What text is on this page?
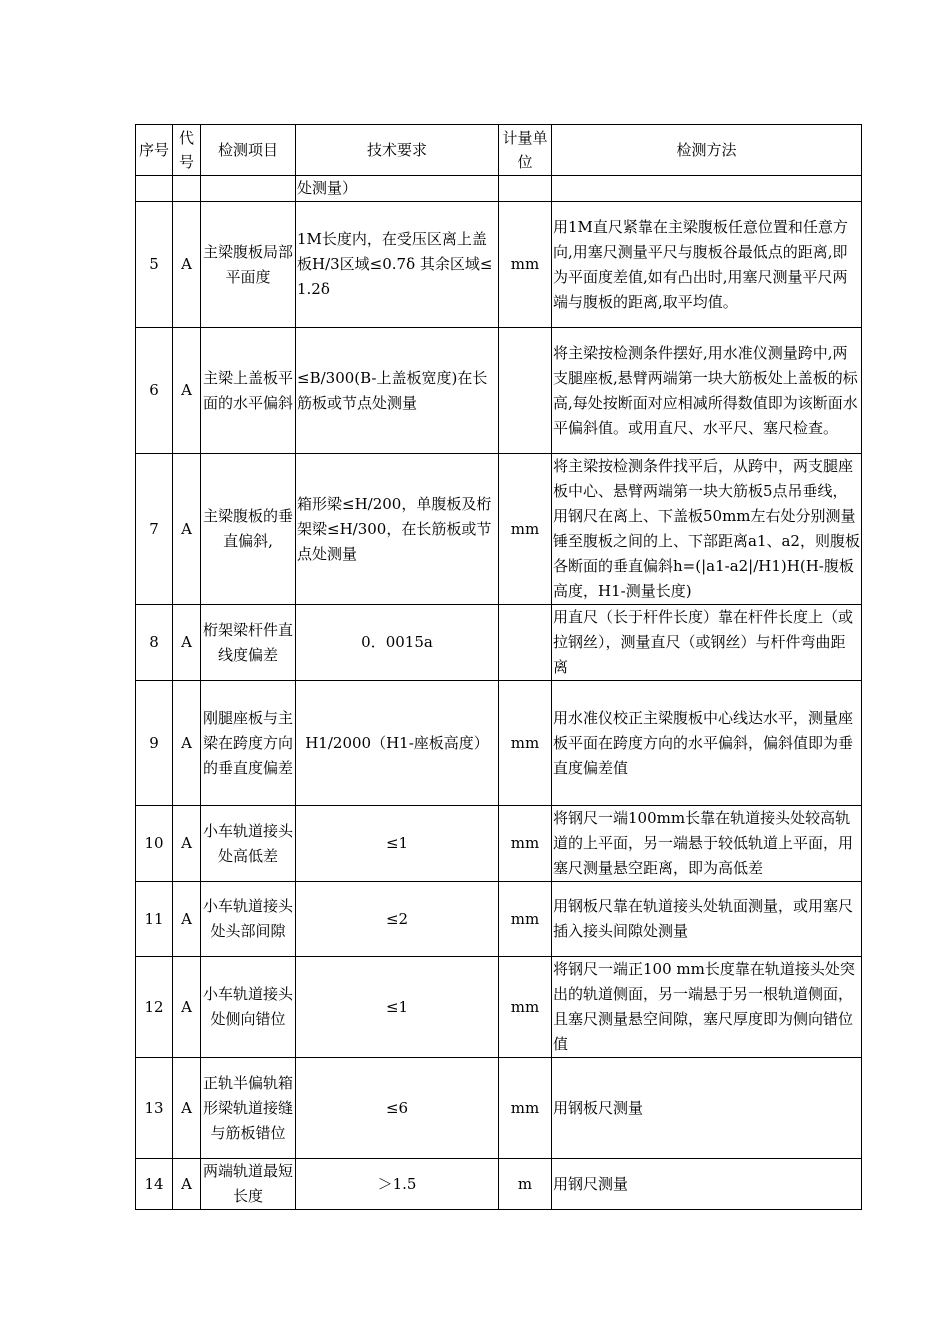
序号	代号	检测项目	技术要求	计量单位	检测方法
			处测量）		
5	A	主梁腹板局部平面度	1M长度内，在受压区离上盖板H/3区域≤0.7δ 其余区域≤1.2δ	mm	用1M直尺紧靠在主梁腹板任意位置和任意方向,用塞尺测量平尺与腹板谷最低点的距离,即为平面度差值,如有凸出时,用塞尺测量平尺两端与腹板的距离,取平均值。
6	A	主梁上盖板平面的水平偏斜	≤B/300(B-上盖板宽度)在长筋板或节点处测量		将主梁按检测条件摆好,用水准仪测量跨中,两支腿座板,悬臂两端第一块大筋板处上盖板的标高,每处按断面对应相减所得数值即为该断面水平偏斜值。或用直尺、水平尺、塞尺检查。
7	A	主梁腹板的垂直偏斜,	箱形梁≤H/200，单腹板及桁架梁≤H/300，在长筋板或节点处测量	mm	将主梁按检测条件找平后，从跨中，两支腿座板中心、悬臂两端第一块大筋板5点吊垂线，用钢尺在离上、下盖板50mm左右处分别测量锤至腹板之间的上、下部距离a1、a2，则腹板各断面的垂直偏斜h=(|a1-a2|/H1)H(H-腹板高度，H1-测量长度)
8	A	桁架梁杆件直线度偏差	0．0015a		用直尺（长于杆件长度）靠在杆件长度上（或拉钢丝），测量直尺（或钢丝）与杆件弯曲距离
9	A	刚腿座板与主梁在跨度方向的垂直度偏差	H1/2000（H1-座板高度）	mm	用水准仪校正主梁腹板中心线达水平，测量座板平面在跨度方向的水平偏斜，偏斜值即为垂直度偏差值
10	A	小车轨道接头处高低差	≤1	mm	将钢尺一端100mm长靠在轨道接头处较高轨道的上平面，另一端悬于较低轨道上平面，用塞尺测量悬空距离，即为高低差
11	A	小车轨道接头处头部间隙	≤2	mm	用钢板尺靠在轨道接头处轨面测量，或用塞尺插入接头间隙处测量
12	A	小车轨道接头处侧向错位	≤1	mm	将钢尺一端正100 mm长度靠在轨道接头处突出的轨道侧面，另一端悬于另一根轨道侧面，且塞尺测量悬空间隙，塞尺厚度即为侧向错位值
13	A	正轨半偏轨箱形梁轨道接缝与筋板错位	≤6	mm	用钢板尺测量
14	A	两端轨道最短长度	＞1.5	m	用钢尺测量
